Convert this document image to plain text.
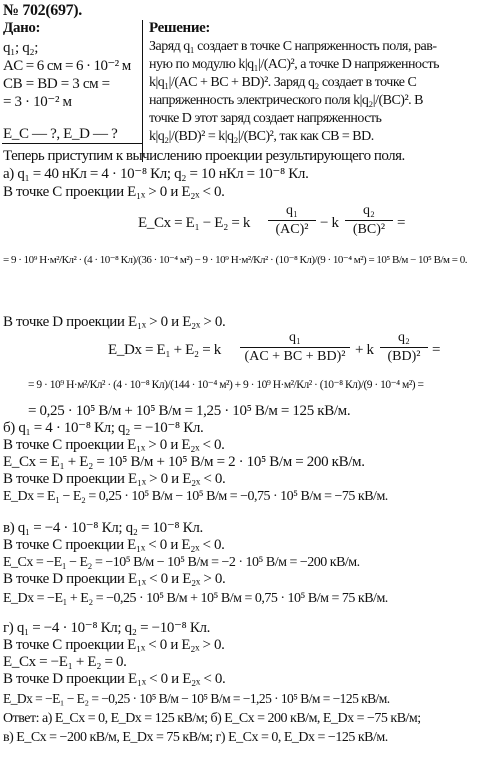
№ 702(697).
Дано:
q₁; q₂;
AC = 6 см = 6 · 10⁻² м
CB = BD = 3 см =
= 3 · 10⁻² м
E_C — ?, E_D — ?
Решение:
Заряд q₁ создает в точке C напряженность поля, рав-
ную по модулю k|q₁|/(AC)², а точке D напряженность
k|q₁|/(AC + BC + BD)². Заряд q₂ создает в точке C
напряженность электрического поля k|q₂|/(BC)². В
точке D этот заряд создает напряженность
k|q₂|/(BD)² = k|q₂|/(BC)², так как CB = BD.
Теперь приступим к вычислению проекции результирующего поля.
а) q₁ = 40 нКл = 4 · 10⁻⁸ Кл; q₂ = 10 нКл = 10⁻⁸ Кл.
В точке C проекции E₁ₓ > 0 и E₂ₓ < 0.
E_Cx = E₁ − E₂ = k
q₁
(AC)² − k
q₂
(BC)² =
= 9 · 10⁹ Н·м²/Кл² · (4 · 10⁻⁸ Кл)/(36 · 10⁻⁴ м²) − 9 · 10⁹ Н·м²/Кл² · (10⁻⁸ Кл)/(9 · 10⁻⁴ м²) = 10⁵ В/м − 10⁵ В/м = 0.
В точке D проекции E₁ₓ > 0 и E₂ₓ > 0.
E_Dx = E₁ + E₂ = k
q₁
(AC + BC + BD)² + k
q₂
(BD)² =
= 9 · 10⁹ Н·м²/Кл² · (4 · 10⁻⁸ Кл)/(144 · 10⁻⁴ м²) + 9 · 10⁹ Н·м²/Кл² · (10⁻⁸ Кл)/(9 · 10⁻⁴ м²) =
= 0,25 · 10⁵ В/м + 10⁵ В/м = 1,25 · 10⁵ В/м = 125 кВ/м.
б) q₁ = 4 · 10⁻⁸ Кл; q₂ = −10⁻⁸ Кл.
В точке C проекции E₁ₓ > 0 и E₂ₓ < 0.
E_Cx = E₁ + E₂ = 10⁵ В/м + 10⁵ В/м = 2 · 10⁵ В/м = 200 кВ/м.
В точке D проекции E₁ₓ > 0 и E₂ₓ < 0.
E_Dx = E₁ − E₂ = 0,25 · 10⁵ В/м − 10⁵ В/м = −0,75 · 10⁵ В/м = −75 кВ/м.
в) q₁ = −4 · 10⁻⁸ Кл; q₂ = 10⁻⁸ Кл.
В точке C проекции E₁ₓ < 0 и E₂ₓ < 0.
E_Cx = −E₁ − E₂ = −10⁵ В/м − 10⁵ В/м = −2 · 10⁵ В/м = −200 кВ/м.
В точке D проекции E₁ₓ < 0 и E₂ₓ > 0.
E_Dx = −E₁ + E₂ = −0,25 · 10⁵ В/м + 10⁵ В/м = 0,75 · 10⁵ В/м = 75 кВ/м.
г) q₁ = −4 · 10⁻⁸ Кл; q₂ = −10⁻⁸ Кл.
В точке C проекции E₁ₓ < 0 и E₂ₓ > 0.
E_Cx = −E₁ + E₂ = 0.
В точке D проекции E₁ₓ < 0 и E₂ₓ < 0.
E_Dx = −E₁ − E₂ = −0,25 · 10⁵ В/м − 10⁵ В/м = −1,25 · 10⁵ В/м = −125 кВ/м.
Ответ: а) E_Cx = 0, E_Dx = 125 кВ/м; б) E_Cx = 200 кВ/м, E_Dx = −75 кВ/м;
в) E_Cx = −200 кВ/м, E_Dx = 75 кВ/м; г) E_Cx = 0, E_Dx = −125 кВ/м.
